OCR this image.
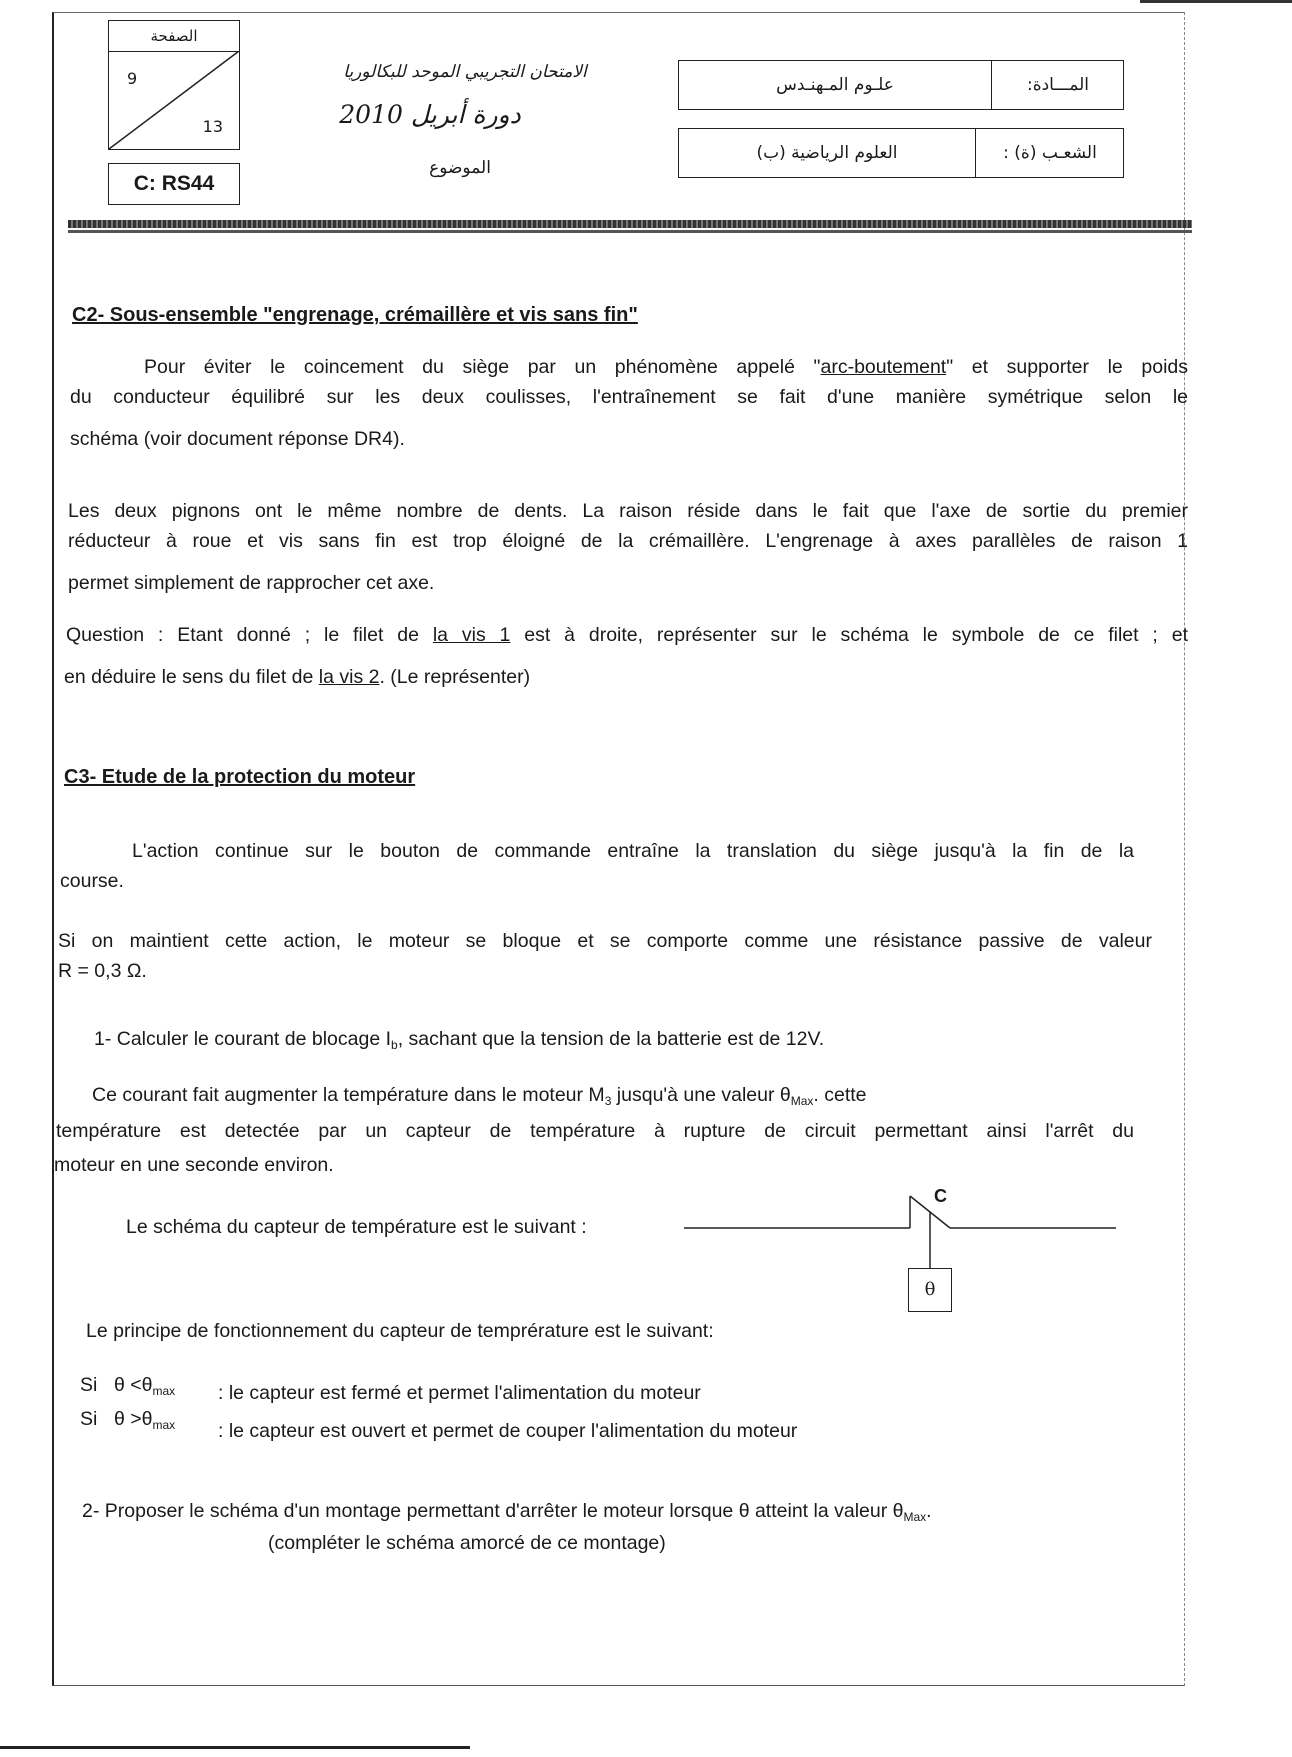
الصفحة
9
13
C: RS44
الامتحان التجريبي الموحد للبكالوريا
دورة أبريل 2010
الموضوع
علـوم المـهنـدس	المـــادة:
العلوم الرياضية (ب)	الشعـب (ة) :
C2- Sous-ensemble "engrenage, crémaillère et vis sans fin"
Pour éviter le coincement du siège par un phénomène appelé "arc-boutement" et supporter le poids
du conducteur équilibré sur les deux coulisses, l'entraînement se fait d'une manière symétrique selon le
schéma (voir document réponse DR4).
Les deux pignons ont le même nombre de dents. La raison réside dans le fait que l'axe de sortie du premier
réducteur à roue et vis sans fin est trop éloigné de la crémaillère. L'engrenage à axes parallèles de raison 1
permet simplement de rapprocher cet axe.
Question : Etant donné ; le filet de la vis 1 est à droite, représenter sur le schéma le symbole de ce filet ; et
en déduire le sens du filet de la vis 2. (Le représenter)
C3- Etude de la protection du moteur
L'action continue sur le bouton de commande entraîne la translation du siège jusqu'à la fin de la
course.
Si on maintient cette action, le moteur se bloque et se comporte comme une résistance passive de valeur
R = 0,3 Ω.
1- Calculer le courant de blocage $I_b$, sachant que la tension de la batterie est de 12V.
Ce courant fait augmenter la température dans le moteur $M_3$ jusqu'à une valeur $\theta_{Max}$. cette
température est detectée par un capteur de température à rupture de circuit permettant ainsi l'arrêt du
moteur en une seconde environ.
Le schéma du capteur de température est le suivant :
C
θ
Le principe de fonctionnement du capteur de temprératurе est le suivant:
Si $\theta <\theta_{max}$ : le capteur est fermé et permet l'alimentation du moteur
Si $\theta >\theta_{max}$ : le capteur est ouvert et permet de couper l'alimentation du moteur
2- Proposer le schéma d'un montage permettant d'arrêter le moteur lorsque θ atteint la valeur $\theta_{Max}$.
(compléter le schéma amorcé de ce montage)
